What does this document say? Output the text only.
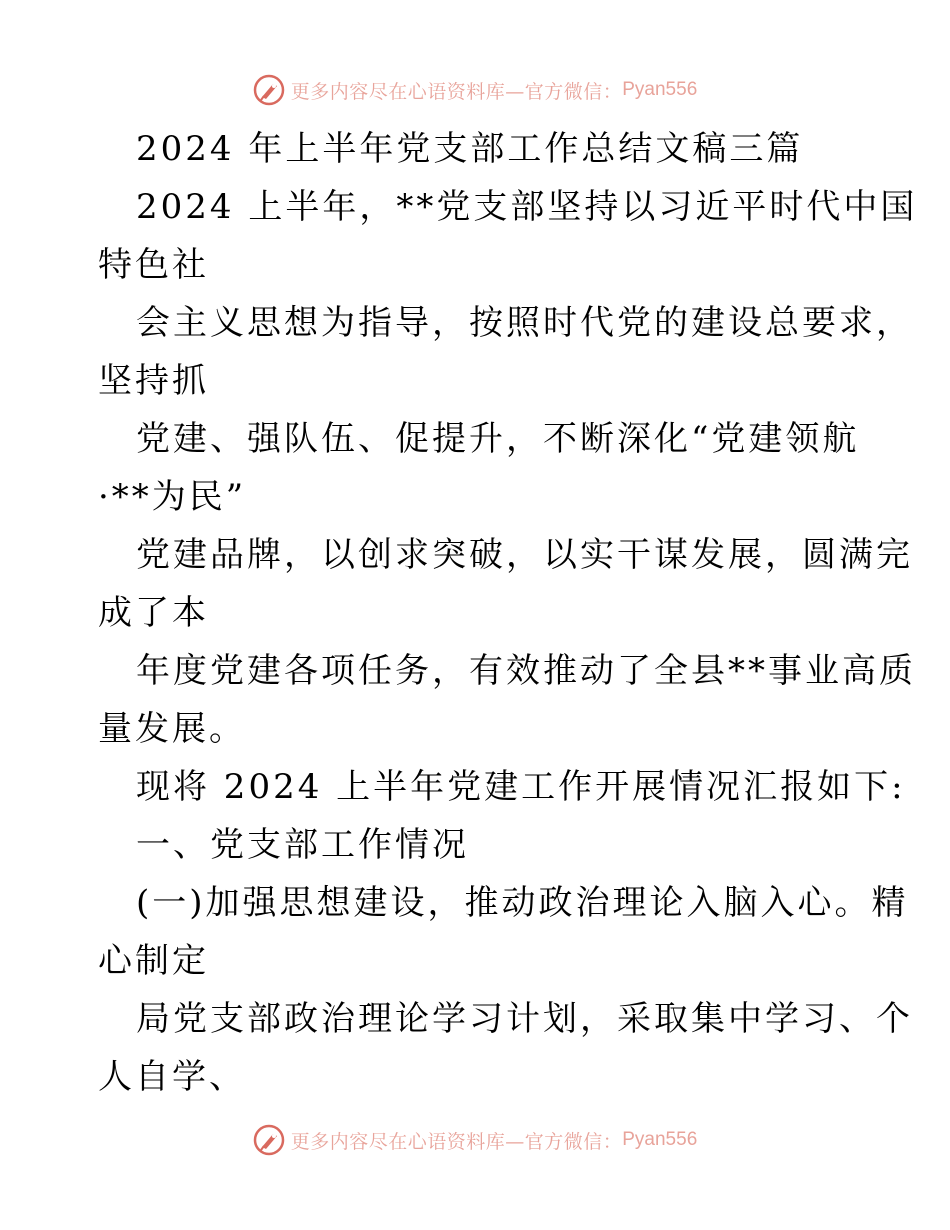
更多内容尽在心语资料库—官方微信： Pyan556
2024 年上半年党支部工作总结文稿三篇
2024 上半年，**党支部坚持以习近平时代中国
特色社
会主义思想为指导，按照时代党的建设总要求，
坚持抓
党建、强队伍、促提升，不断深化“党建领航
·**为民”
党建品牌，以创求突破，以实干谋发展，圆满完
成了本
年度党建各项任务，有效推动了全县**事业高质
量发展。
现将 2024 上半年党建工作开展情况汇报如下:
一、党支部工作情况
(一)加强思想建设，推动政治理论入脑入心。精
心制定
局党支部政治理论学习计划，采取集中学习、个
人自学、
更多内容尽在心语资料库—官方微信： Pyan556
